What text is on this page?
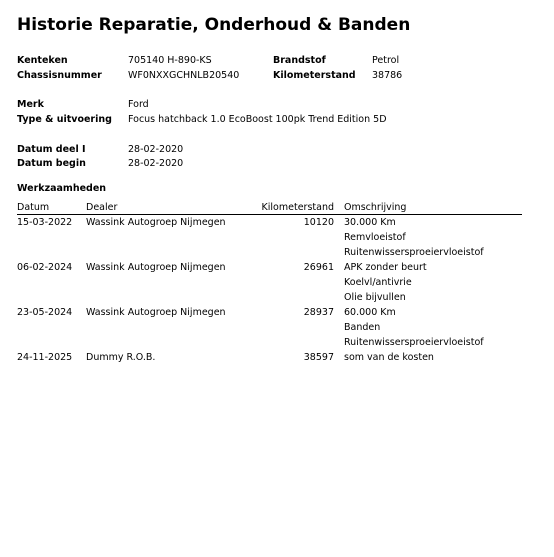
Historie Reparatie, Onderhoud & Banden
Kenteken	705140 H-890-KS	Brandstof	Petrol
Chassisnummer	WF0NXXGCHNLB20540	Kilometerstand 38786
Merk	Ford
Type & uitvoering Focus hatchback 1.0 EcoBoost 100pk Trend Edition 5D
Datum deel I	28-02-2020
Datum begin	28-02-2020
Werkzaamheden
Datum	Dealer	Kilometerstand Omschrijving
15-03-2022 Wassink Autogroep Nijmegen	10120 30.000 Km
Remvloeistof
Ruitenwissersproeiervloeistof
06-02-2024 Wassink Autogroep Nijmegen	26961 APK zonder beurt
Koelvl/antivrie
Olie bijvullen
23-05-2024 Wassink Autogroep Nijmegen	28937 60.000 Km
Banden
Ruitenwissersproeiervloeistof
24-11-2025 Dummy R.O.B.	38597 som van de kosten
